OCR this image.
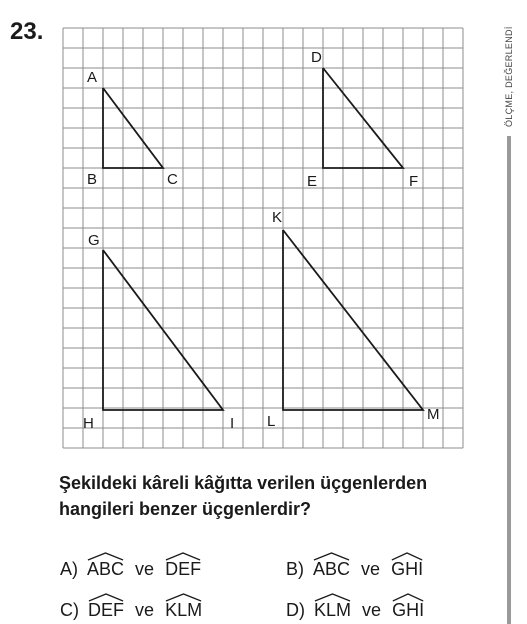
23.	ÖLÇME, DEĞERLENDİ
A
B	C
D
E	F
G
H	I
K
L	M
Şekildeki kâreli kâğıtta verilen üçgenlerden hangileri benzer üçgenlerdir?
A) ABC ve DEF	B) ABC ve GHI
C) DEF ve KLM	D) KLM ve GHI
